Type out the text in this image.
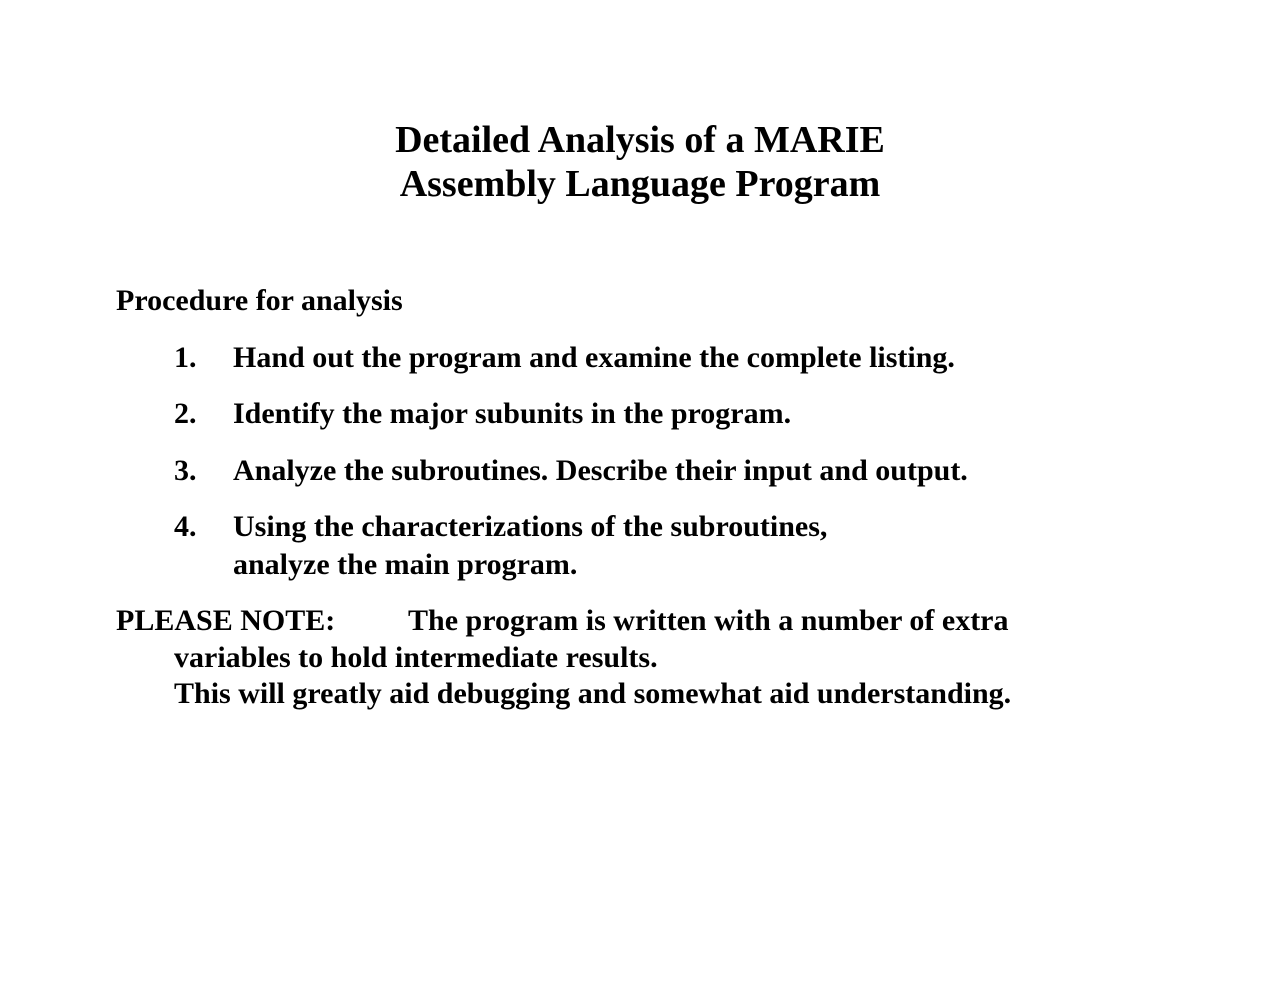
Detailed Analysis of a MARIE
Assembly Language Program
Procedure for analysis
1. Hand out the program and examine the complete listing.
2. Identify the major subunits in the program.
3. Analyze the subroutines. Describe their input and output.
4. Using the characterizations of the subroutines,
analyze the main program.
PLEASE NOTE: The program is written with a number of extra
variables to hold intermediate results.
This will greatly aid debugging and somewhat aid understanding.
